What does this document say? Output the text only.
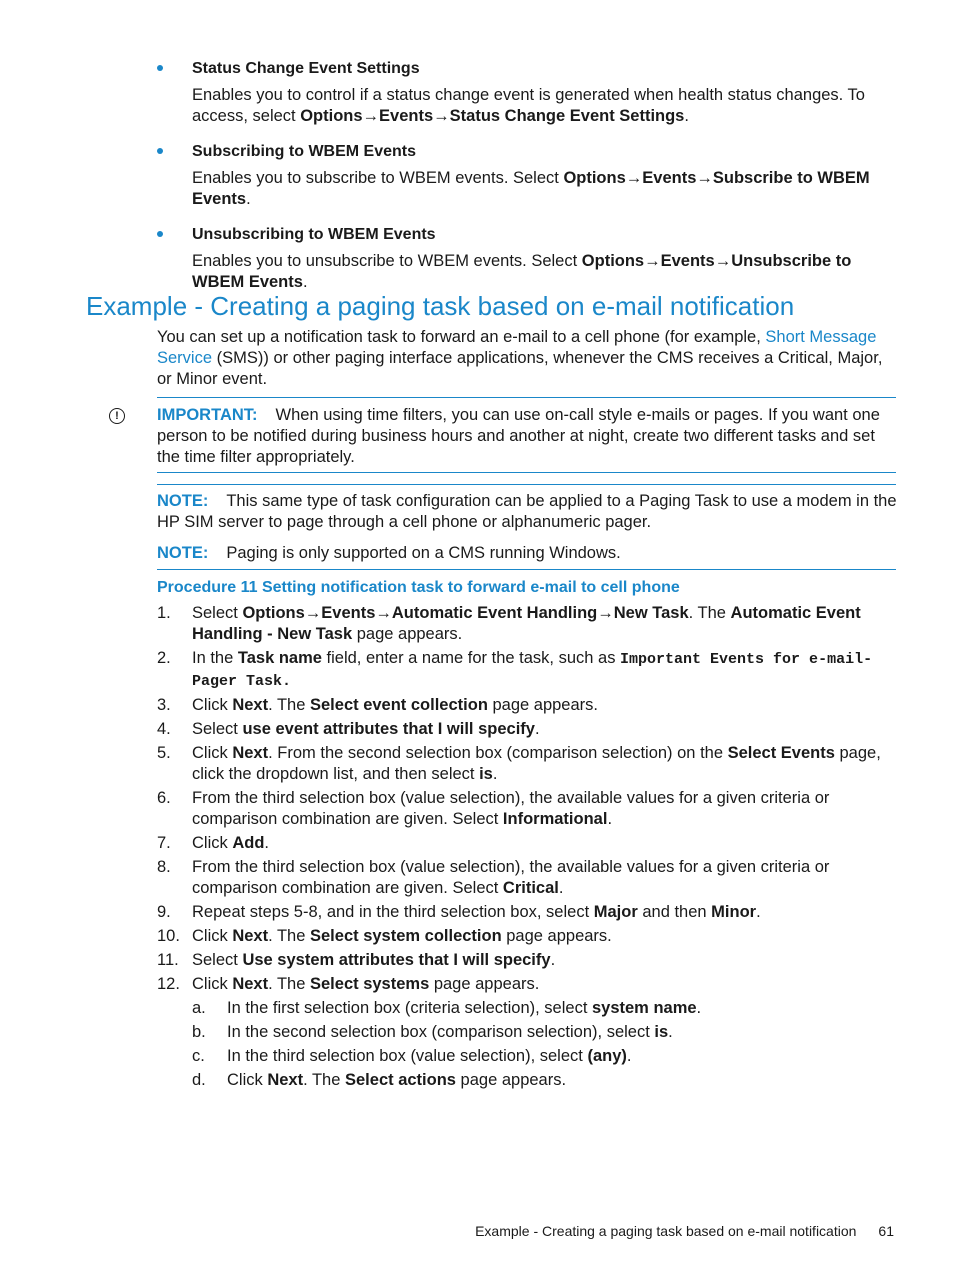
Status Change Event Settings
Enables you to control if a status change event is generated when health status changes. To access, select Options→Events→Status Change Event Settings.
Subscribing to WBEM Events
Enables you to subscribe to WBEM events. Select Options→Events→Subscribe to WBEM Events.
Unsubscribing to WBEM Events
Enables you to unsubscribe to WBEM events. Select Options→Events→Unsubscribe to WBEM Events.
Example - Creating a paging task based on e-mail notification
You can set up a notification task to forward an e-mail to a cell phone (for example, Short Message Service (SMS)) or other paging interface applications, whenever the CMS receives a Critical, Major, or Minor event.
!	IMPORTANT: When using time filters, you can use on-call style e-mails or pages. If you want one person to be notified during business hours and another at night, create two different tasks and set the time filter appropriately.
NOTE: This same type of task configuration can be applied to a Paging Task to use a modem in the HP SIM server to page through a cell phone or alphanumeric pager.
NOTE: Paging is only supported on a CMS running Windows.
Procedure 11 Setting notification task to forward e-mail to cell phone
1. Select Options→Events→Automatic Event Handling→New Task. The Automatic Event Handling - New Task page appears.
2. In the Task name field, enter a name for the task, such as Important Events for e-mail-Pager Task.
3. Click Next. The Select event collection page appears.
4. Select use event attributes that I will specify.
5. Click Next. From the second selection box (comparison selection) on the Select Events page, click the dropdown list, and then select is.
6. From the third selection box (value selection), the available values for a given criteria or comparison combination are given. Select Informational.
7. Click Add.
8. From the third selection box (value selection), the available values for a given criteria or comparison combination are given. Select Critical.
9. Repeat steps 5-8, and in the third selection box, select Major and then Minor.
10. Click Next. The Select system collection page appears.
11. Select Use system attributes that I will specify.
12. Click Next. The Select systems page appears.
a. In the first selection box (criteria selection), select system name.
b. In the second selection box (comparison selection), select is.
c. In the third selection box (value selection), select (any).
d. Click Next. The Select actions page appears.
Example - Creating a paging task based on e-mail notification 61
